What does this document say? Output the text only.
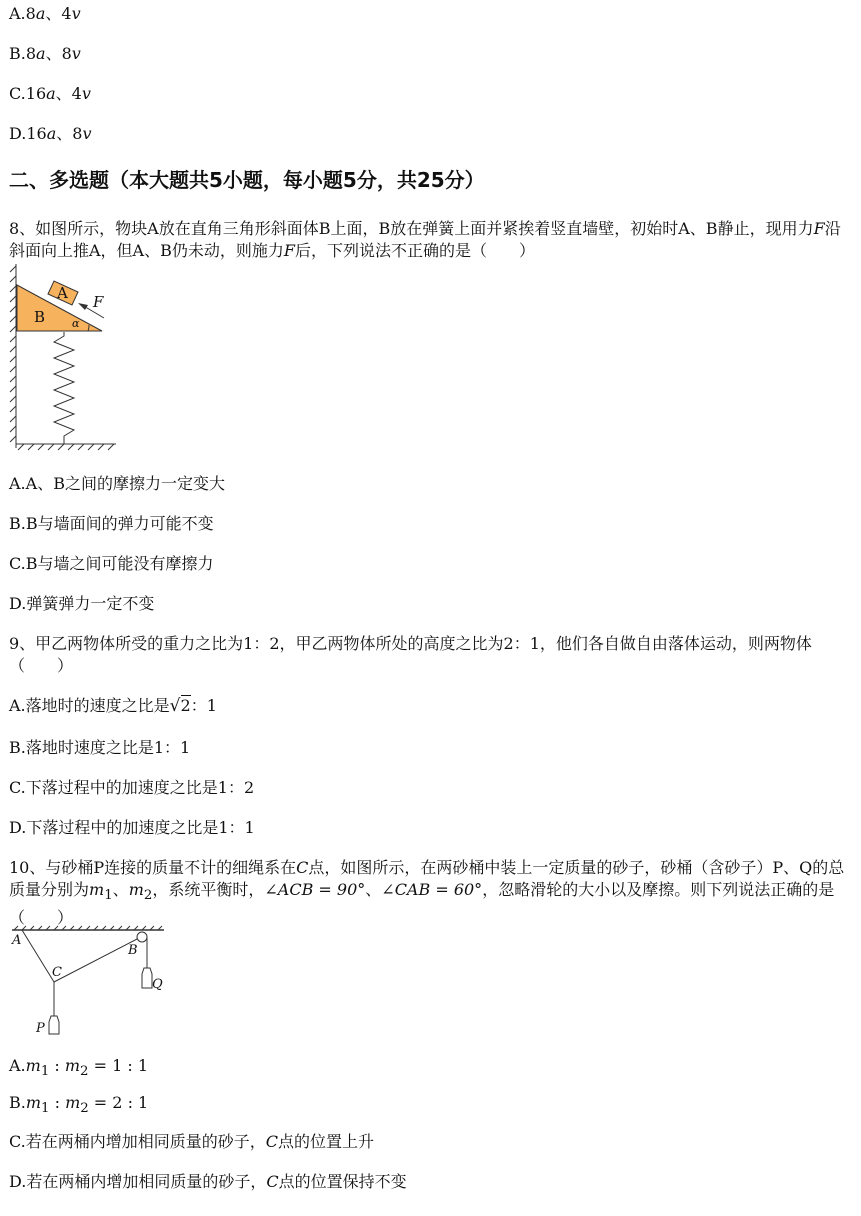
A.8a、4v
B.8a、8v
C.16a、4v
D.16a、8v
二、多选题（本大题共5小题，每小题5分，共25分）
8、如图所示，物块A放在直角三角形斜面体B上面，B放在弹簧上面并紧挨着竖直墙壁，初始时A、B静止，现用力F沿斜面向上推A，但A、B仍未动，则施力F后，下列说法不正确的是（　　）
A
B
F
α
A.A、B之间的摩擦力一定变大
B.B与墙面间的弹力可能不变
C.B与墙之间可能没有摩擦力
D.弹簧弹力一定不变
9、甲乙两物体所受的重力之比为1：2，甲乙两物体所处的高度之比为2：1，他们各自做自由落体运动，则两物体（　　）
A.落地时的速度之比是√2：1
B.落地时速度之比是1：1
C.下落过程中的加速度之比是1：2
D.下落过程中的加速度之比是1：1
10、与砂桶P连接的质量不计的细绳系在C点，如图所示，在两砂桶中装上一定质量的砂子，砂桶（含砂子）P、Q的总质量分别为$m_1$、$m_2$，系统平衡时，∠ACB = 90°、∠CAB = 60°，忽略滑轮的大小以及摩擦。则下列说法正确的是（　　）
A
B
C
P
Q
$A.m_1$ : $m_2 = 1$ : 1
$B.m_1$ : $m_2 = 2$ : 1
C.若在两桶内增加相同质量的砂子，C点的位置上升
D.若在两桶内增加相同质量的砂子，C点的位置保持不变
